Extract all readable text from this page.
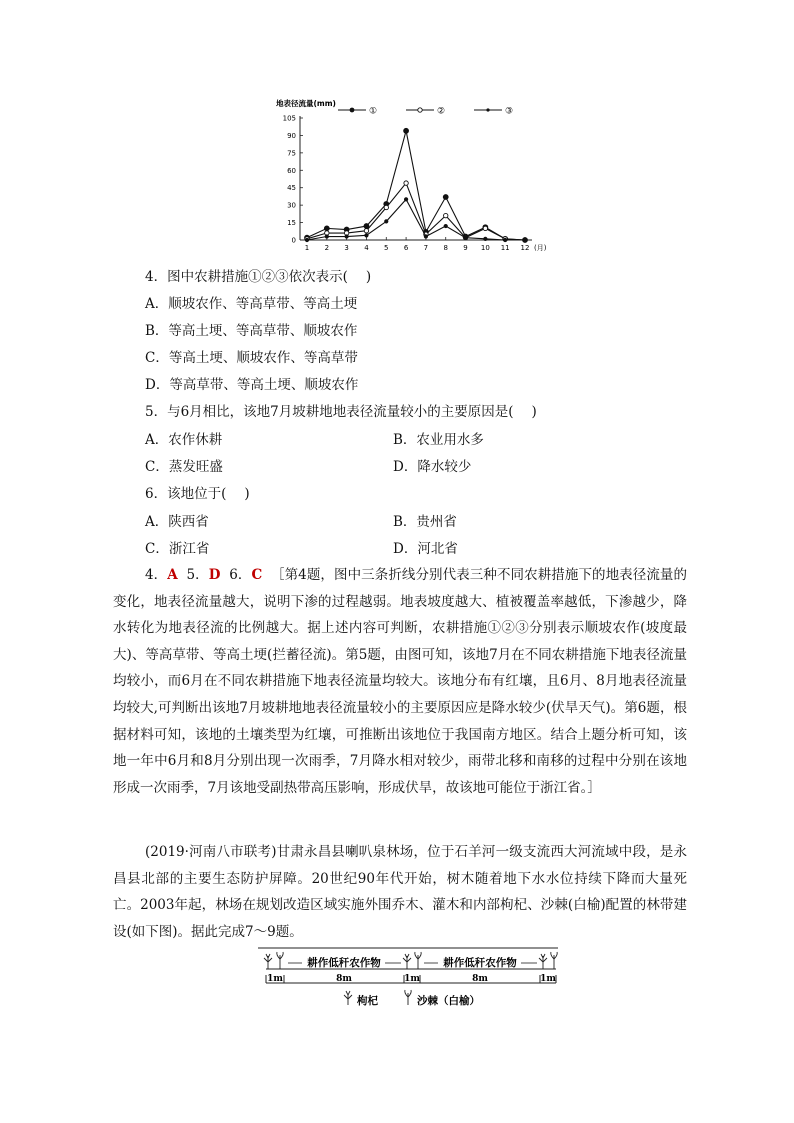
地表径流量(mm)
①	②	③
0
15
30
45
60
75
90
105
1 2 3 4 5 6 7 8 9 10 11 12 (月)
4．图中农耕措施①②③依次表示( )
A．顺坡农作、等高草带、等高土埂
B．等高土埂、等高草带、顺坡农作
C．等高土埂、顺坡农作、等高草带
D．等高草带、等高土埂、顺坡农作
5．与6月相比，该地7月坡耕地地表径流量较小的主要原因是( )
A．农作休耕	B．农业用水多
C．蒸发旺盛	D．降水较少
6．该地位于( )
A．陕西省	B．贵州省
C．浙江省	D．河北省
4．A 5．D 6．C ［第4题，图中三条折线分别代表三种不同农耕措施下的地表径流量的变化，地表径流量越大，说明下渗的过程越弱。地表坡度越大、植被覆盖率越低，下渗越少，降水转化为地表径流的比例越大。据上述内容可判断，农耕措施①②③分别表示顺坡农作(坡度最大)、等高草带、等高土埂(拦蓄径流)。第5题，由图可知，该地7月在不同农耕措施下地表径流量均较小，而6月在不同农耕措施下地表径流量均较大。该地分布有红壤，且6月、8月地表径流量均较大,可判断出该地7月坡耕地地表径流量较小的主要原因应是降水较少(伏旱天气)。第6题，根据材料可知，该地的土壤类型为红壤，可推断出该地位于我国南方地区。结合上题分析可知，该地一年中6月和8月分别出现一次雨季，7月降水相对较少，雨带北移和南移的过程中分别在该地形成一次雨季，7月该地受副热带高压影响，形成伏旱，故该地可能位于浙江省。］
(2019·河南八市联考)甘肃永昌县喇叭泉林场，位于石羊河一级支流西大河流域中段，是永昌县北部的主要生态防护屏障。20世纪90年代开始，树木随着地下水水位持续下降而大量死亡。2003年起，林场在规划改造区域实施外围乔木、灌木和内部枸杞、沙棘(白榆)配置的林带建设(如下图)。据此完成7～9题。
耕作低秆农作物	耕作低秆农作物
1m	8m	1m	8m	1m
枸杞	沙棘（白榆）
